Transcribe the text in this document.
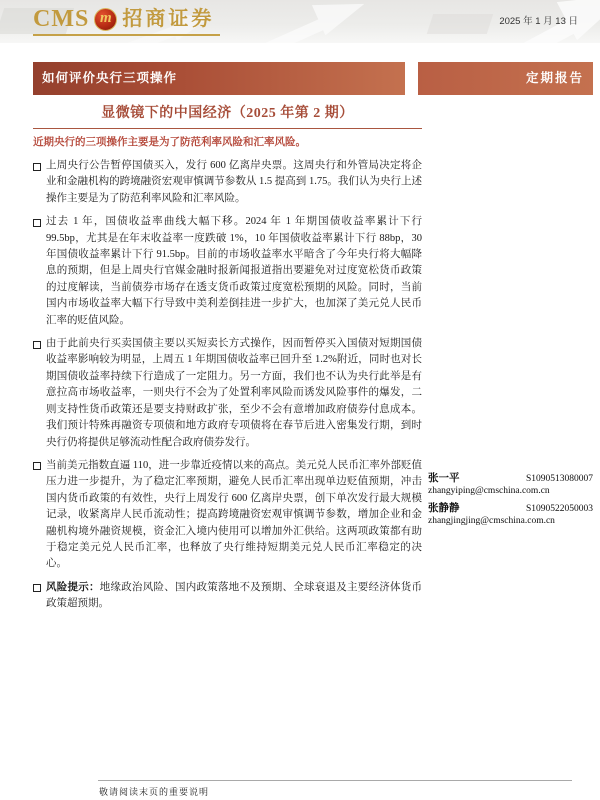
CMS m 招商证券	2025 年 1 月 13 日
如何评价央行三项操作	定期报告
显微镜下的中国经济（2025 年第 2 期）

近期央行的三项操作主要是为了防范利率风险和汇率风险。

上周央行公告暂停国债买入，发行 600 亿离岸央票。这周央行和外管局决定将企业和金融机构的跨境融资宏观审慎调节参数从 1.5 提高到 1.75。我们认为央行上述操作主要是为了防范利率风险和汇率风险。

过去 1 年，国债收益率曲线大幅下移。2024 年 1 年期国债收益率累计下行 99.5bp，尤其是在年末收益率一度跌破 1%，10 年国债收益率累计下行 88bp，30 年国债收益率累计下行 91.5bp。目前的市场收益率水平暗含了今年央行将大幅降息的预期，但是上周央行官媒金融时报新闻报道指出要避免对过度宽松货币政策的过度解读，当前债券市场存在透支货币政策过度宽松预期的风险。同时，当前国内市场收益率大幅下行导致中美利差倒挂进一步扩大，也加深了美元兑人民币汇率的贬值风险。

由于此前央行买卖国债主要以买短卖长方式操作，因而暂停买入国债对短期国债收益率影响较为明显，上周五 1 年期国债收益率已回升至 1.2%附近，同时也对长期国债收益率持续下行造成了一定阻力。另一方面，我们也不认为央行此举是有意拉高市场收益率，一则央行不会为了处置利率风险而诱发风险事件的爆发，二则支持性货币政策还是要支持财政扩张，至少不会有意增加政府债券付息成本。我们预计特殊再融资专项债和地方政府专项债将在春节后进入密集发行期，到时央行仍将提供足够流动性配合政府债券发行。

当前美元指数直逼 110，进一步靠近疫情以来的高点。美元兑人民币汇率外部贬值压力进一步提升，为了稳定汇率预期，避免人民币汇率出现单边贬值预期，冲击国内货币政策的有效性，央行上周发行 600 亿离岸央票，创下单次发行最大规模记录，收紧离岸人民币流动性；提高跨境融资宏观审慎调节参数，增加企业和金融机构境外融资规模，资金汇入境内使用可以增加外汇供给。这两项政策都有助于稳定美元兑人民币汇率，也释放了央行维持短期美元兑人民币汇率稳定的决心。

风险提示：地缘政治风险、国内政策落地不及预期、全球衰退及主要经济体货币政策超预期。

张一平	S1090513080007
zhangyiping@cmschina.com.cn
张静静	S1090522050003
zhangjingjing@cmschina.com.cn
敬请阅读末页的重要说明
